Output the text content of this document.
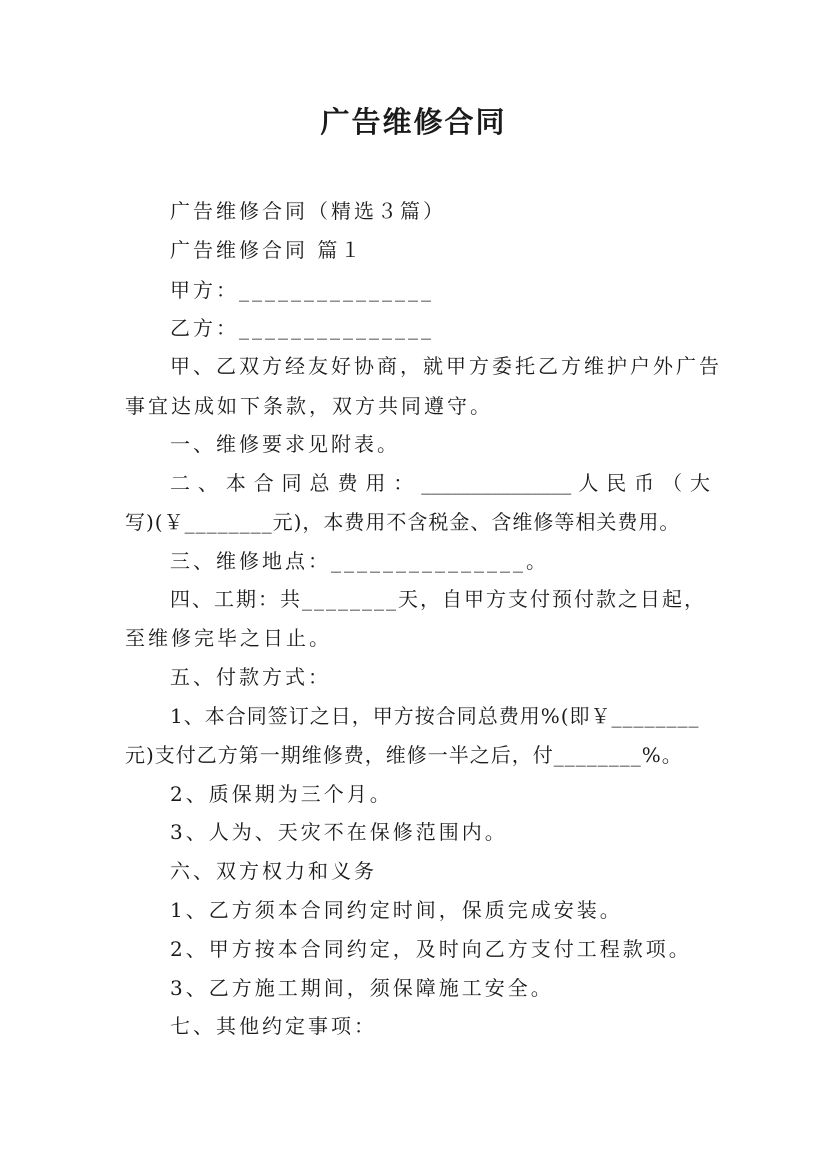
广告维修合同
广告维修合同（精选３篇）
广告维修合同 篇１
甲方：_______________
乙方：_______________
甲、乙双方经友好协商，就甲方委托乙方维护户外广告
事宜达成如下条款，双方共同遵守。
一、维修要求见附表。
二 、 本 合 同 总 费 用 ： _______________ 人 民 币 （ 大
写)(￥________元)，本费用不含税金、含维修等相关费用。
三、维修地点：_______________。
四、工期：共________天，自甲方支付预付款之日起，
至维修完毕之日止。
五、付款方式：
1、本合同签订之日，甲方按合同总费用%(即￥________
元)支付乙方第一期维修费，维修一半之后，付________%。
2、质保期为三个月。
3、人为、天灾不在保修范围内。
六、双方权力和义务
1、乙方须本合同约定时间，保质完成安装。
2、甲方按本合同约定，及时向乙方支付工程款项。
3、乙方施工期间，须保障施工安全。
七、其他约定事项：
